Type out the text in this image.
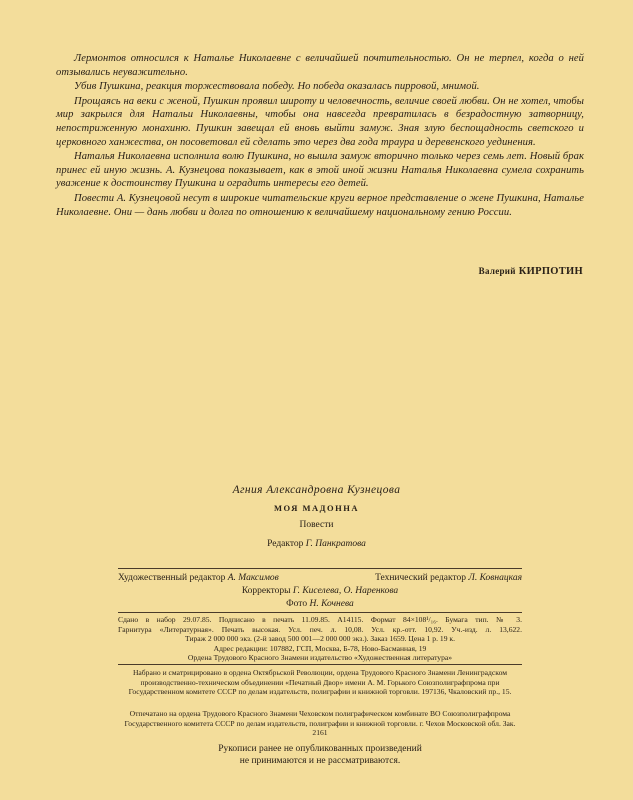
Лермонтов относился к Наталье Николаевне с величайшей почтительностью. Он не терпел, когда о ней отзывались неуважительно.

Убив Пушкина, реакция торжествовала победу. Но победа оказалась пирровой, мнимой.

Прощаясь на веки с женой, Пушкин проявил широту и человечность, величие своей любви. Он не хотел, чтобы мир закрылся для Натальи Николаевны, чтобы она навсегда превратилась в безрадостную затворницу, непостриженную монахиню. Пушкин завещал ей вновь выйти замуж. Зная злую беспощадность светского и церковного ханжества, он посоветовал ей сделать это через два года траура и деревенского уединения.

Наталья Николаевна исполнила волю Пушкина, но вышла замуж вторично только через семь лет. Новый брак принес ей иную жизнь. А. Кузнецова показывает, как в этой иной жизни Наталья Николаевна сумела сохранить уважение к достоинству Пушкина и оградить интересы его детей.

Повести А. Кузнецовой несут в широкие читательские круги верное представление о жене Пушкина, Наталье Николаевне. Они — дань любви и долга по отношению к величайшему национальному гению России.

Валерий КИРПОТИН
Агния Александровна Кузнецова
МОЯ МАДОННА
Повести
Редактор Г. Панкратова
Художественный редактор А. Максимов	Технический редактор Л. Ковнацкая
Корректоры Г. Киселева, О. Наренкова
Фото Н. Кочнева
Сдано в набор 29.07.85. Подписано в печать 11.09.85. А14115. Формат 84×108¹/₁₆. Бумага тип. № 3.
Гарнитура «Литературная». Печать высокая. Усл. печ. л. 10,08. Усл. кр.-отт. 10,92. Уч.-изд. л. 13,622.
Тираж 2 000 000 экз. (2-й завод 500 001—2 000 000 экз.). Заказ 1659. Цена 1 р. 19 к.
Адрес редакции: 107882, ГСП, Москва, Б-78, Ново-Басманная, 19
Ордена Трудового Красного Знамени издательство «Художественная литература»
Набрано и сматрицировано в ордена Октябрьской Революции, ордена Трудового Красного Знамени Ленинградском производственно-техническом объединении «Печатный Двор» имени А. М. Горького Союзполиграфпрома при Государственном комитете СССР по делам издательств, полиграфии и книжной торговли. 197136, Чкаловский пр., 15.
Отпечатано на ордена Трудового Красного Знамени Чеховском полиграфическом комбинате ВО Союзполиграфпрома Государственного комитета СССР по делам издательств, полиграфии и книжной торговли. г. Чехов Московской обл. Зак. 2161
Рукописи ранее не опубликованных произведений
не принимаются и не рассматриваются.
